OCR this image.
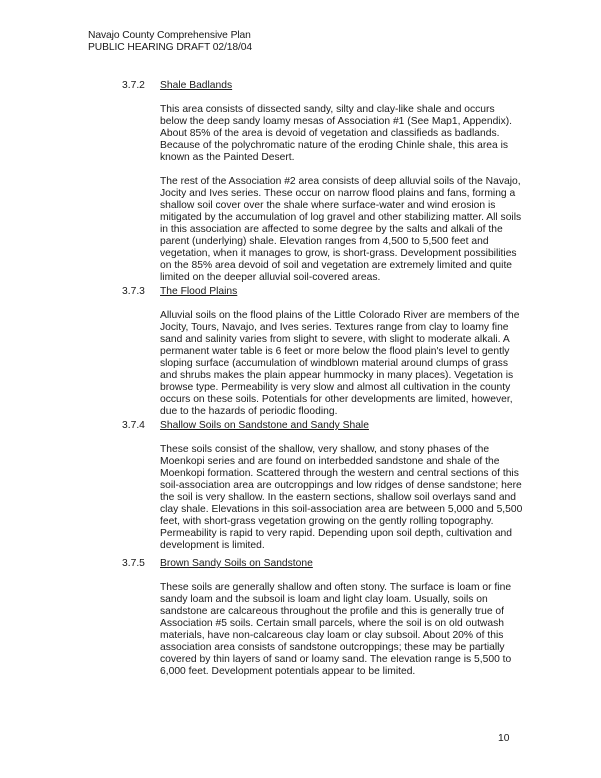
Navajo County Comprehensive Plan
PUBLIC HEARING DRAFT 02/18/04
3.7.2 Shale Badlands

This area consists of dissected sandy, silty and clay-like shale and occurs below the deep sandy loamy mesas of Association #1 (See Map1, Appendix). About 85% of the area is devoid of vegetation and classifieds as badlands. Because of the polychromatic nature of the eroding Chinle shale, this area is known as the Painted Desert.

The rest of the Association #2 area consists of deep alluvial soils of the Navajo, Jocity and Ives series. These occur on narrow flood plains and fans, forming a shallow soil cover over the shale where surface-water and wind erosion is mitigated by the accumulation of log gravel and other stabilizing matter. All soils in this association are affected to some degree by the salts and alkali of the parent (underlying) shale. Elevation ranges from 4,500 to 5,500 feet and vegetation, when it manages to grow, is short-grass. Development possibilities on the 85% area devoid of soil and vegetation are extremely limited and quite limited on the deeper alluvial soil-covered areas.

3.7.3 The Flood Plains

Alluvial soils on the flood plains of the Little Colorado River are members of the Jocity, Tours, Navajo, and Ives series. Textures range from clay to loamy fine sand and salinity varies from slight to severe, with slight to moderate alkali. A permanent water table is 6 feet or more below the flood plain's level to gently sloping surface (accumulation of windblown material around clumps of grass and shrubs makes the plain appear hummocky in many places). Vegetation is browse type. Permeability is very slow and almost all cultivation in the county occurs on these soils. Potentials for other developments are limited, however, due to the hazards of periodic flooding.

3.7.4 Shallow Soils on Sandstone and Sandy Shale

These soils consist of the shallow, very shallow, and stony phases of the Moenkopi series and are found on interbedded sandstone and shale of the Moenkopi formation. Scattered through the western and central sections of this soil-association area are outcroppings and low ridges of dense sandstone; here the soil is very shallow. In the eastern sections, shallow soil overlays sand and clay shale. Elevations in this soil-association area are between 5,000 and 5,500 feet, with short-grass vegetation growing on the gently rolling topography. Permeability is rapid to very rapid. Depending upon soil depth, cultivation and development is limited.

3.7.5 Brown Sandy Soils on Sandstone

These soils are generally shallow and often stony. The surface is loam or fine sandy loam and the subsoil is loam and light clay loam. Usually, soils on sandstone are calcareous throughout the profile and this is generally true of Association #5 soils. Certain small parcels, where the soil is on old outwash materials, have non-calcareous clay loam or clay subsoil. About 20% of this association area consists of sandstone outcroppings; these may be partially covered by thin layers of sand or loamy sand. The elevation range is 5,500 to 6,000 feet. Development potentials appear to be limited.

10
